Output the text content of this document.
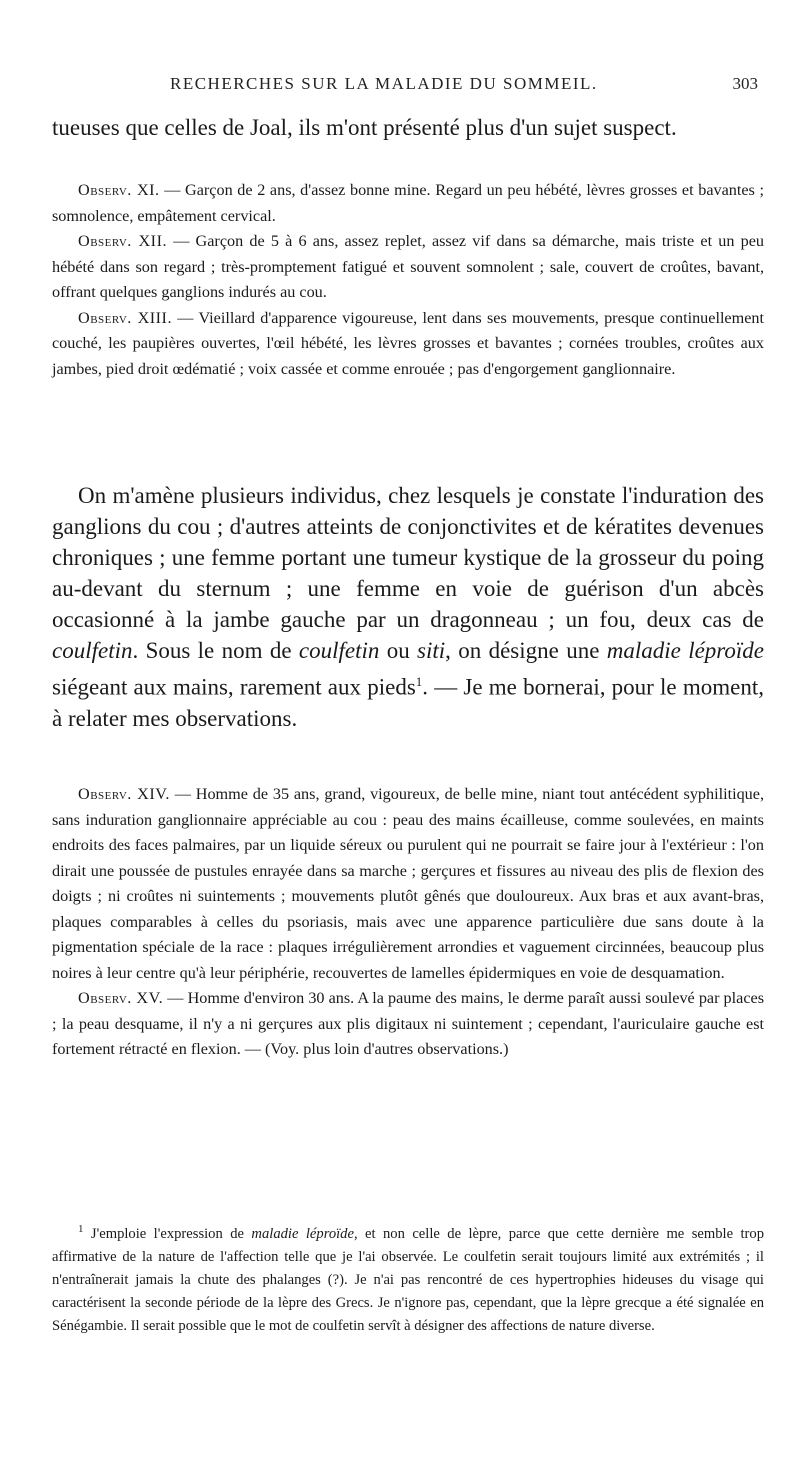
RECHERCHES SUR LA MALADIE DU SOMMEIL.	303
tueuses que celles de Joal, ils m'ont présenté plus d'un sujet suspect.

Observ. XI. — Garçon de 2 ans, d'assez bonne mine. Regard un peu hébété, lèvres grosses et bavantes ; somnolence, empâtement cervical.

Observ. XII. — Garçon de 5 à 6 ans, assez replet, assez vif dans sa démarche, mais triste et un peu hébété dans son regard ; très-promptement fatigué et souvent somnolent ; sale, couvert de croûtes, bavant, offrant quelques ganglions indurés au cou.

Observ. XIII. — Vieillard d'apparence vigoureuse, lent dans ses mouvements, presque continuellement couché, les paupières ouvertes, l'œil hébété, les lèvres grosses et bavantes ; cornées troubles, croûtes aux jambes, pied droit œdématié ; voix cassée et comme enrouée ; pas d'engorgement ganglionnaire.

On m'amène plusieurs individus, chez lesquels je constate l'induration des ganglions du cou ; d'autres atteints de conjonctivites et de kératites devenues chroniques ; une femme portant une tumeur kystique de la grosseur du poing au-devant du sternum ; une femme en voie de guérison d'un abcès occasionné à la jambe gauche par un dragonneau ; un fou, deux cas de coulfetin. Sous le nom de coulfetin ou siti, on désigne une maladie léproïde siégeant aux mains, rarement aux pieds$^1$. — Je me bornerai, pour le moment, à relater mes observations.

Observ. XIV. — Homme de 35 ans, grand, vigoureux, de belle mine, niant tout antécédent syphilitique, sans induration ganglionnaire appréciable au cou : peau des mains écailleuse, comme soulevées, en maints endroits des faces palmaires, par un liquide séreux ou purulent qui ne pourrait se faire jour à l'extérieur : l'on dirait une poussée de pustules enrayée dans sa marche ; gerçures et fissures au niveau des plis de flexion des doigts ; ni croûtes ni suintements ; mouvements plutôt gênés que douloureux. Aux bras et aux avant-bras, plaques comparables à celles du psoriasis, mais avec une apparence particulière due sans doute à la pigmentation spéciale de la race : plaques irrégulièrement arrondies et vaguement circinnées, beaucoup plus noires à leur centre qu'à leur périphérie, recouvertes de lamelles épidermiques en voie de desquamation.

Observ. XV. — Homme d'environ 30 ans. A la paume des mains, le derme paraît aussi soulevé par places ; la peau desquame, il n'y a ni gerçures aux plis digitaux ni suintement ; cependant, l'auriculaire gauche est fortement rétracté en flexion. — (Voy. plus loin d'autres observations.)

$^1$ J'emploie l'expression de maladie léproïde, et non celle de lèpre, parce que cette dernière me semble trop affirmative de la nature de l'affection telle que je l'ai observée. Le coulfetin serait toujours limité aux extrémités ; il n'entraînerait jamais la chute des phalanges (?). Je n'ai pas rencontré de ces hypertrophies hideuses du visage qui caractérisent la seconde période de la lèpre des Grecs. Je n'ignore pas, cependant, que la lèpre grecque a été signalée en Sénégambie. Il serait possible que le mot de coulfetin servît à désigner des affections de nature diverse.
